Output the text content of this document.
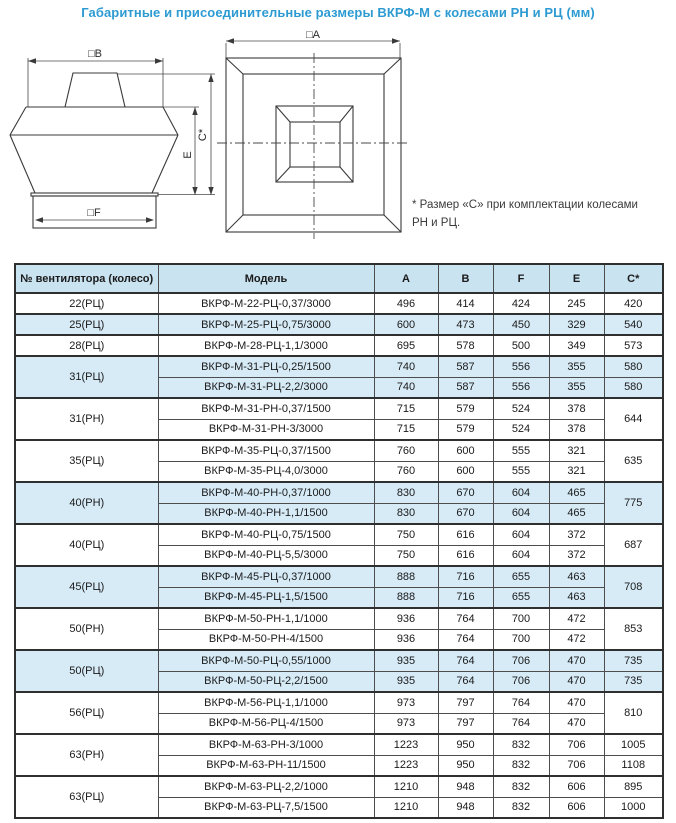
Габаритные и присоединительные размеры ВКРФ-М с колесами РН и РЦ (мм)
□B
□F
E
C*
□A
* Размер «С» при комплектации колесами
РН и РЦ.
№ вентилятора (колесо)	Модель	A	B	F	E	C*
22(РЦ)	ВКРФ-М-22-РЦ-0,37/3000	496	414	424	245	420
25(РЦ)	ВКРФ-М-25-РЦ-0,75/3000	600	473	450	329	540
28(РЦ)	ВКРФ-М-28-РЦ-1,1/3000	695	578	500	349	573
31(РЦ)	ВКРФ-М-31-РЦ-0,25/1500	740	587	556	355	580
	ВКРФ-М-31-РЦ-2,2/3000	740	587	556	355	580
31(РН)	ВКРФ-М-31-РН-0,37/1500	715	579	524	378	644
	ВКРФ-М-31-РН-3/3000	715	579	524	378	
35(РЦ)	ВКРФ-М-35-РЦ-0,37/1500	760	600	555	321	635
	ВКРФ-М-35-РЦ-4,0/3000	760	600	555	321	
40(РН)	ВКРФ-М-40-РН-0,37/1000	830	670	604	465	775
	ВКРФ-М-40-РН-1,1/1500	830	670	604	465	
40(РЦ)	ВКРФ-М-40-РЦ-0,75/1500	750	616	604	372	687
	ВКРФ-М-40-РЦ-5,5/3000	750	616	604	372	
45(РЦ)	ВКРФ-М-45-РЦ-0,37/1000	888	716	655	463	708
	ВКРФ-М-45-РЦ-1,5/1500	888	716	655	463	
50(РН)	ВКРФ-М-50-РН-1,1/1000	936	764	700	472	853
	ВКРФ-М-50-РН-4/1500	936	764	700	472	
50(РЦ)	ВКРФ-М-50-РЦ-0,55/1000	935	764	706	470	735
	ВКРФ-М-50-РЦ-2,2/1500	935	764	706	470	735
56(РЦ)	ВКРФ-М-56-РЦ-1,1/1000	973	797	764	470	810
	ВКРФ-М-56-РЦ-4/1500	973	797	764	470	
63(РН)	ВКРФ-М-63-РН-3/1000	1223	950	832	706	1005
	ВКРФ-М-63-РН-11/1500	1223	950	832	706	1108
63(РЦ)	ВКРФ-М-63-РЦ-2,2/1000	1210	948	832	606	895
	ВКРФ-М-63-РЦ-7,5/1500	1210	948	832	606	1000
